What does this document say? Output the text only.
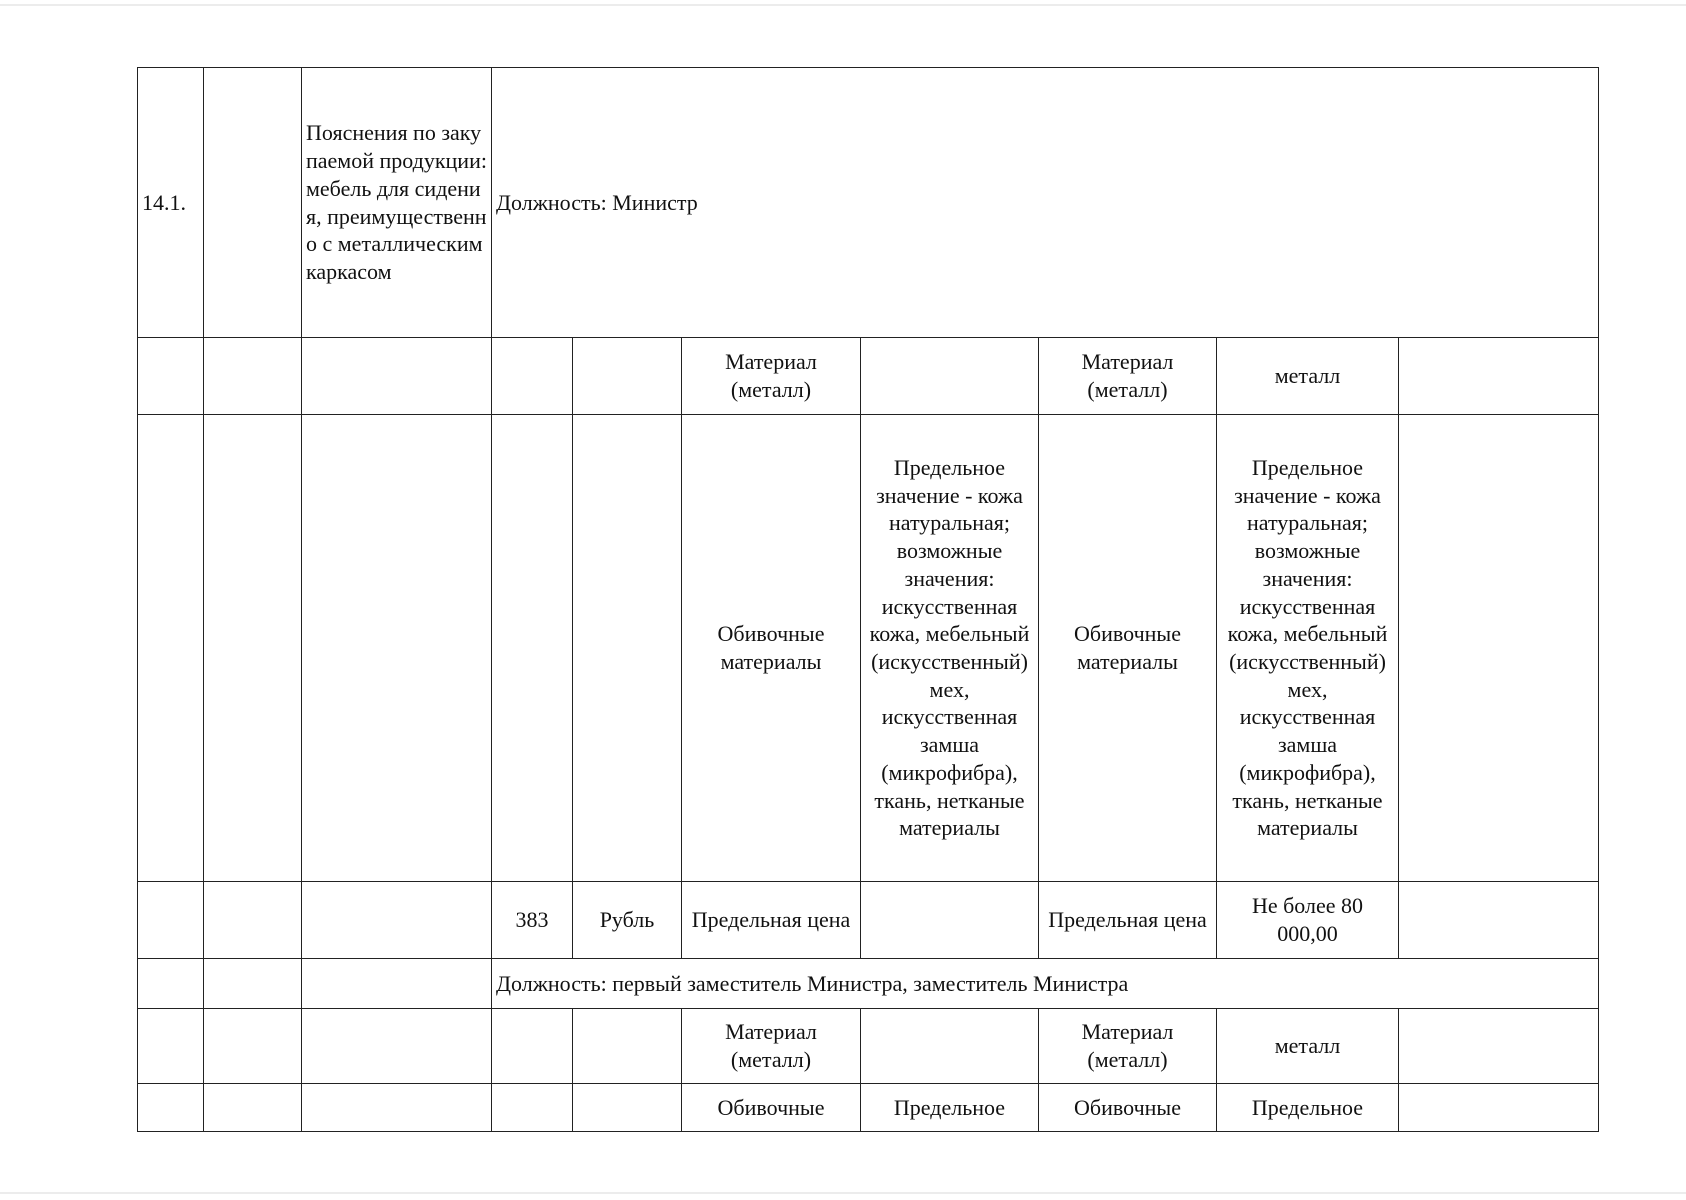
14.1.		Пояснения по закупаемой продукции: мебель для сидения, преимущественно с металлическим каркасом	Должность: Министр						
					Материал (металл)		Материал (металл)	металл	
					Обивочные материалы	Предельное значение - кожа натуральная; возможные значения: искусственная кожа, мебельный (искусственный) мех, искусственная замша (микрофибра), ткань, нетканые материалы	Обивочные материалы	Предельное значение - кожа натуральная; возможные значения: искусственная кожа, мебельный (искусственный) мех, искусственная замша (микрофибра), ткань, нетканые материалы	
			383	Рубль	Предельная цена		Предельная цена	Не более 80 000,00	
			Должность: первый заместитель Министра, заместитель Министра						
					Материал (металл)		Материал (металл)	металл	
					Обивочные	Предельное	Обивочные	Предельное	
